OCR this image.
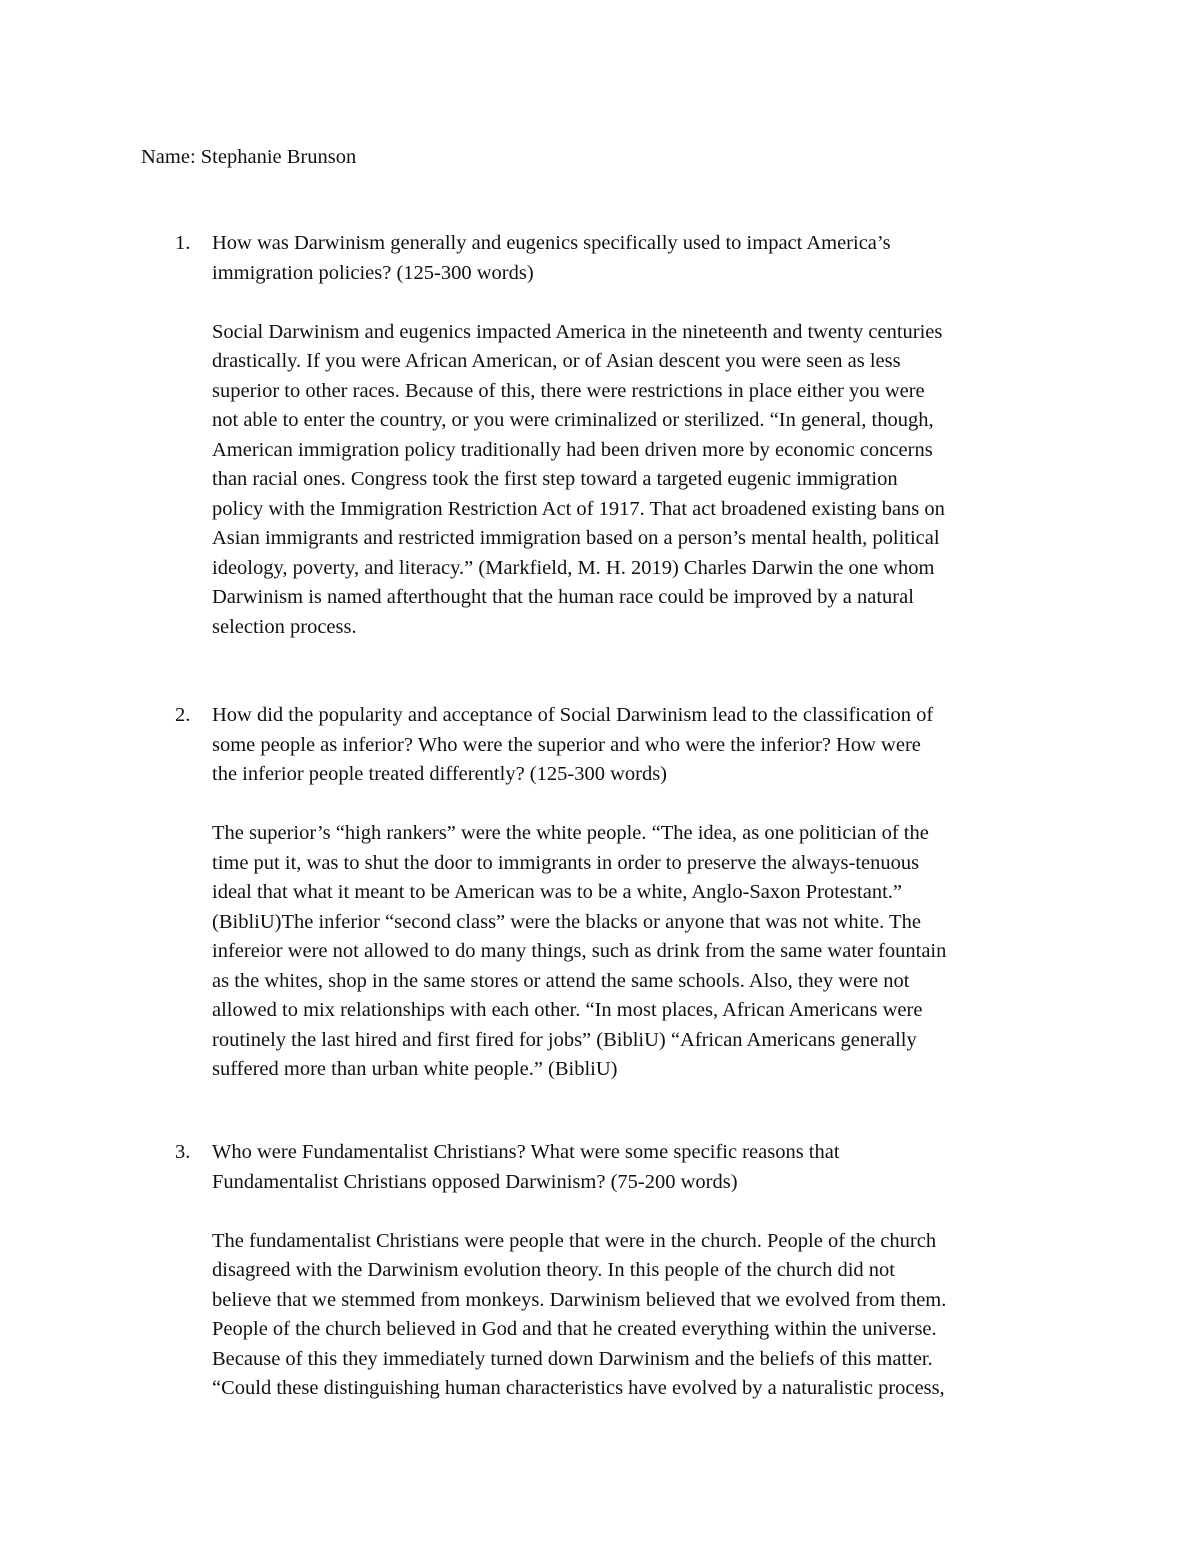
Name: Stephanie Brunson
1. How was Darwinism generally and eugenics specifically used to impact America’s
immigration policies? (125-300 words)
Social Darwinism and eugenics impacted America in the nineteenth and twenty centuries
drastically. If you were African American, or of Asian descent you were seen as less
superior to other races. Because of this, there were restrictions in place either you were
not able to enter the country, or you were criminalized or sterilized. “In general, though,
American immigration policy traditionally had been driven more by economic concerns
than racial ones. Congress took the first step toward a targeted eugenic immigration
policy with the Immigration Restriction Act of 1917. That act broadened existing bans on
Asian immigrants and restricted immigration based on a person’s mental health, political
ideology, poverty, and literacy.” (Markfield, M. H. 2019) Charles Darwin the one whom
Darwinism is named afterthought that the human race could be improved by a natural
selection process.
2. How did the popularity and acceptance of Social Darwinism lead to the classification of
some people as inferior? Who were the superior and who were the inferior? How were
the inferior people treated differently? (125-300 words)
The superior’s “high rankers” were the white people. “The idea, as one politician of the
time put it, was to shut the door to immigrants in order to preserve the always-tenuous
ideal that what it meant to be American was to be a white, Anglo-Saxon Protestant.”
(BibliU)The inferior “second class” were the blacks or anyone that was not white. The
infereior were not allowed to do many things, such as drink from the same water fountain
as the whites, shop in the same stores or attend the same schools. Also, they were not
allowed to mix relationships with each other. “In most places, African Americans were
routinely the last hired and first fired for jobs” (BibliU) “African Americans generally
suffered more than urban white people.” (BibliU)
3. Who were Fundamentalist Christians? What were some specific reasons that
Fundamentalist Christians opposed Darwinism? (75-200 words)
The fundamentalist Christians were people that were in the church. People of the church
disagreed with the Darwinism evolution theory. In this people of the church did not
believe that we stemmed from monkeys. Darwinism believed that we evolved from them.
People of the church believed in God and that he created everything within the universe.
Because of this they immediately turned down Darwinism and the beliefs of this matter.
“Could these distinguishing human characteristics have evolved by a naturalistic process,
